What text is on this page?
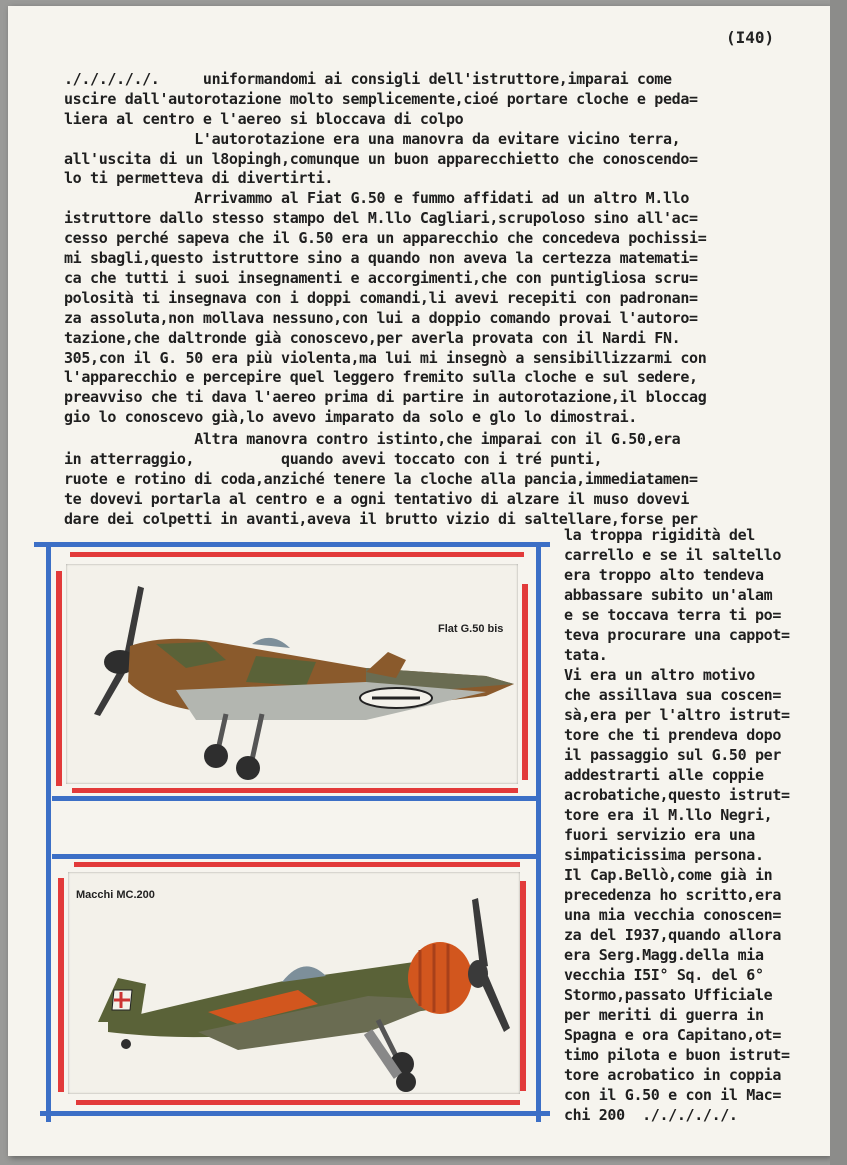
(I40)
./././././.     uniformandomi ai consigli dell'istruttore,imparai come
uscire dall'autorotazione molto semplicemente,cioé portare cloche e peda=
liera al centro e l'aereo si bloccava di colpo
L'autorotazione era una manovra da evitare vicino terra,
all'uscita di un l8opingh,comunque un buon apparecchietto che conoscendo=
lo ti permetteva di divertirti.
Arrivammo al Fiat G.50 e fummo affidati ad un altro M.llo
istruttore dallo stesso stampo del M.llo Cagliari,scrupoloso sino all'ac=
cesso perché sapeva che il G.50 era un apparecchio che concedeva pochissi=
mi sbagli,questo istruttore sino a quando non aveva la certezza matemati=
ca che tutti i suoi insegnamenti e accorgimenti,che con puntigliosa scru=
polosità ti insegnava con i doppi comandi,li avevi recepiti con padronan=
za assoluta,non mollava nessuno,con lui a doppio comando provai l'autoro=
tazione,che daltronde già conoscevo,per averla provata con il Nardi FN.
305,con il G. 50 era più violenta,ma lui mi insegnò a sensibillizzarmi con
l'apparecchio e percepire quel leggero fremito sulla cloche e sul sedere,
preavviso che ti dava l'aereo prima di partire in autorotazione,il bloccag
gio lo conoscevo già,lo avevo imparato da solo e glo lo dimostrai.
Altra manovra contro istinto,che imparai con il G.50,era
in atterraggio,          quando avevi toccato con i tré punti,
ruote e rotino di coda,anziché tenere la cloche alla pancia,immediatamen=
te dovevi portarla al centro e a ogni tentativo di alzare il muso dovevi
dare dei colpetti in avanti,aveva il brutto vizio di saltellare,forse per
la troppa rigidità del
carrello e se il saltello
era troppo alto tendeva
abbassare subito un'alam
e se toccava terra ti po=
teva procurare una cappot=
tata.
Vi era un altro motivo
che assillava sua coscen=
sà,era per l'altro istrut=
tore che ti prendeva dopo
il passaggio sul G.50 per
addestrarti alle coppie
acrobatiche,questo istrut=
tore era il M.llo Negri,
fuori servizio era una
simpaticissima persona.
Il Cap.Bellò,come già in
precedenza ho scritto,era
una mia vecchia conoscen=
za del I937,quando allora
era Serg.Magg.della mia
vecchia I5I° Sq. del 6°
Stormo,passato Ufficiale
per meriti di guerra in
Spagna e ora Capitano,ot=
timo pilota e buon istrut=
tore acrobatico in coppia
con il G.50 e con il Mac=
chi 200  ./././././.
Flat G.50 bis
Macchi MC.200
